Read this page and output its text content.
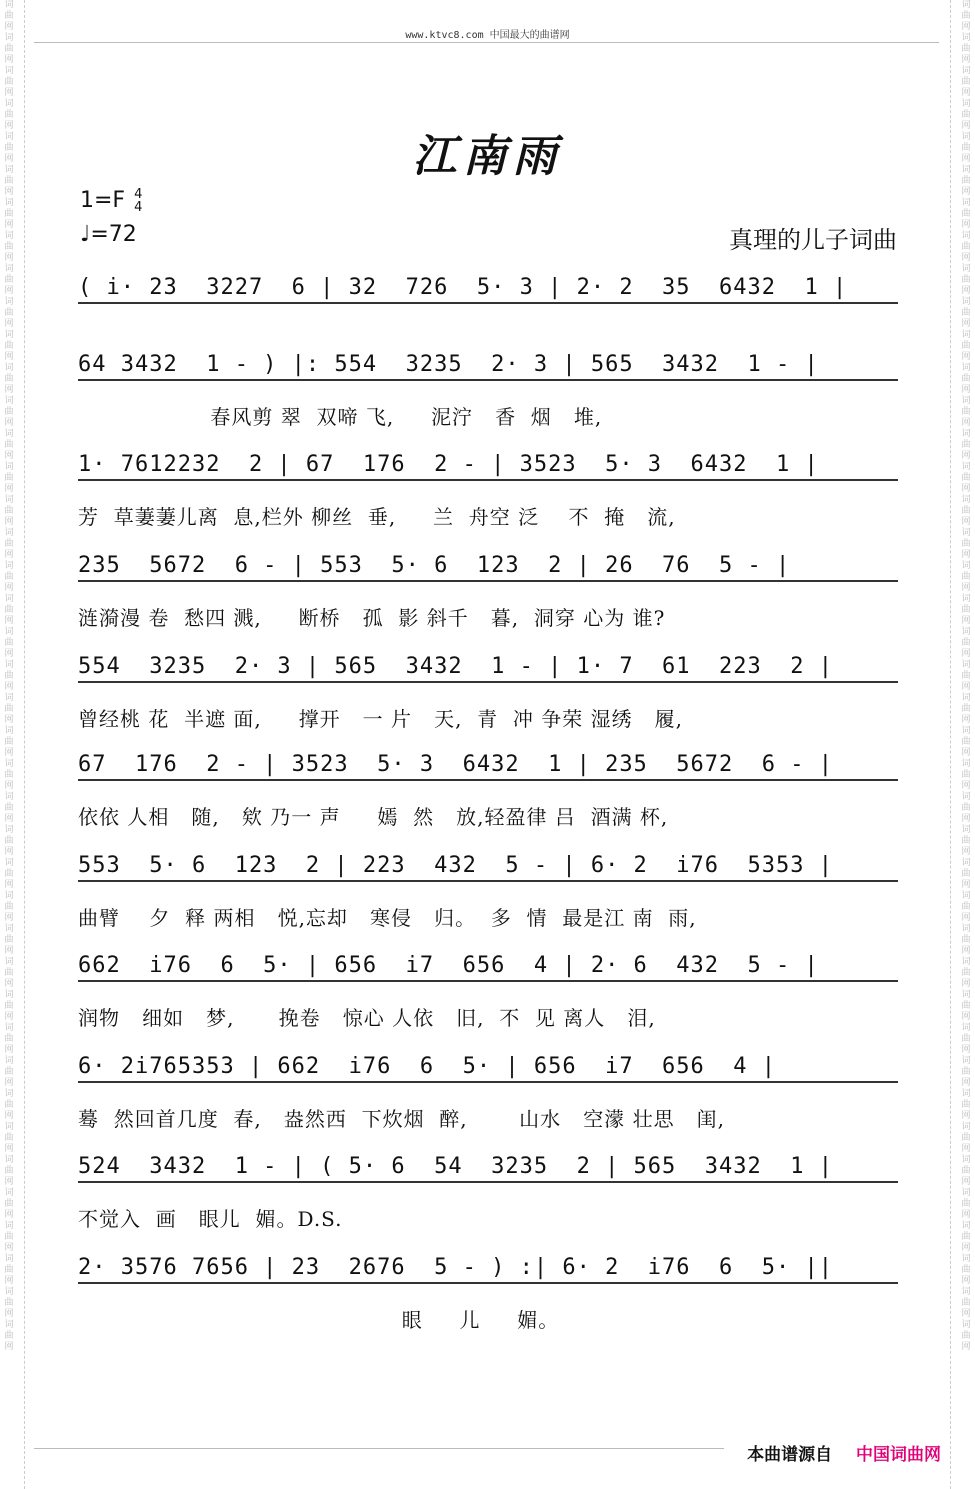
词曲网词曲网词曲网词曲网词曲网词曲网词曲网词曲网词曲网词曲网词曲网词曲网词曲网词曲网词曲网词曲网词曲网词曲网词曲网词曲网词曲网词曲网词曲网词曲网词曲网词曲网词曲网词曲网词曲网词曲网词曲网词曲网词曲网词曲网词曲网词曲网词曲网词曲网词曲网词曲网词曲网
词曲网词曲网词曲网词曲网词曲网词曲网词曲网词曲网词曲网词曲网词曲网词曲网词曲网词曲网词曲网词曲网词曲网词曲网词曲网词曲网词曲网词曲网词曲网词曲网词曲网词曲网词曲网词曲网词曲网词曲网词曲网词曲网词曲网词曲网词曲网词曲网词曲网词曲网词曲网词曲网词曲网
www.ktvc8.com 中国最大的曲谱网
江南雨
1=F 4
4
♩=72	真理的儿子词曲
( i· 23  3227  6 | 32  726  5· 3 | 2· 2  35  6432  1 |
64 3432  1 - ) |: 554  3235  2· 3 | 565  3432  1 - |
春风剪 翠  双啼 飞,     泥泞   香  烟   堆,
1· 7612232  2 | 67  176  2 - | 3523  5· 3  6432  1 |
芳  草萋萋儿离  息,栏外 柳丝  垂,     兰  舟空 泛    不  掩   流,
235  5672  6 - | 553  5· 6  123  2 | 26  76  5 - |
涟漪漫 卷  愁四 溅,     断桥   孤  影 斜千   暮,  洞穿 心为 谁?
554  3235  2· 3 | 565  3432  1 - | 1· 7  61  223  2 |
曾经桃 花  半遮 面,     撑开   一 片   天,  青  冲 争荣 湿绣   履,
67  176  2 - | 3523  5· 3  6432  1 | 235  5672  6 - |
依依 人相   随,   欸 乃一 声     嫣  然   放,轻盈律 吕  酒满 杯,
553  5· 6  123  2 | 223  432  5 - | 6· 2  i76  5353 |
曲臂    夕  释 两相   悦,忘却   寒侵   归。  多  情  最是江 南  雨,
662  i76  6  5· | 656  i7  656  4 | 2· 6  432  5 - |
润物   细如   梦,      挽卷   惊心 人依   旧,  不  见 离人   泪,
6· 2i765353 | 662  i76  6  5· | 656  i7  656  4 |
蓦  然回首几度  春,   盎然西  下炊烟  醉,       山水   空濛 壮思   闺,
524  3432  1 - | ( 5· 6  54  3235  2 | 565  3432  1 |
不觉入  画   眼儿  媚。D.S.
2· 3576 7656 | 23  2676  5 - ) :| 6· 2  i76  6  5· ||
眼     儿     媚。
本曲谱源自 中国词曲网
